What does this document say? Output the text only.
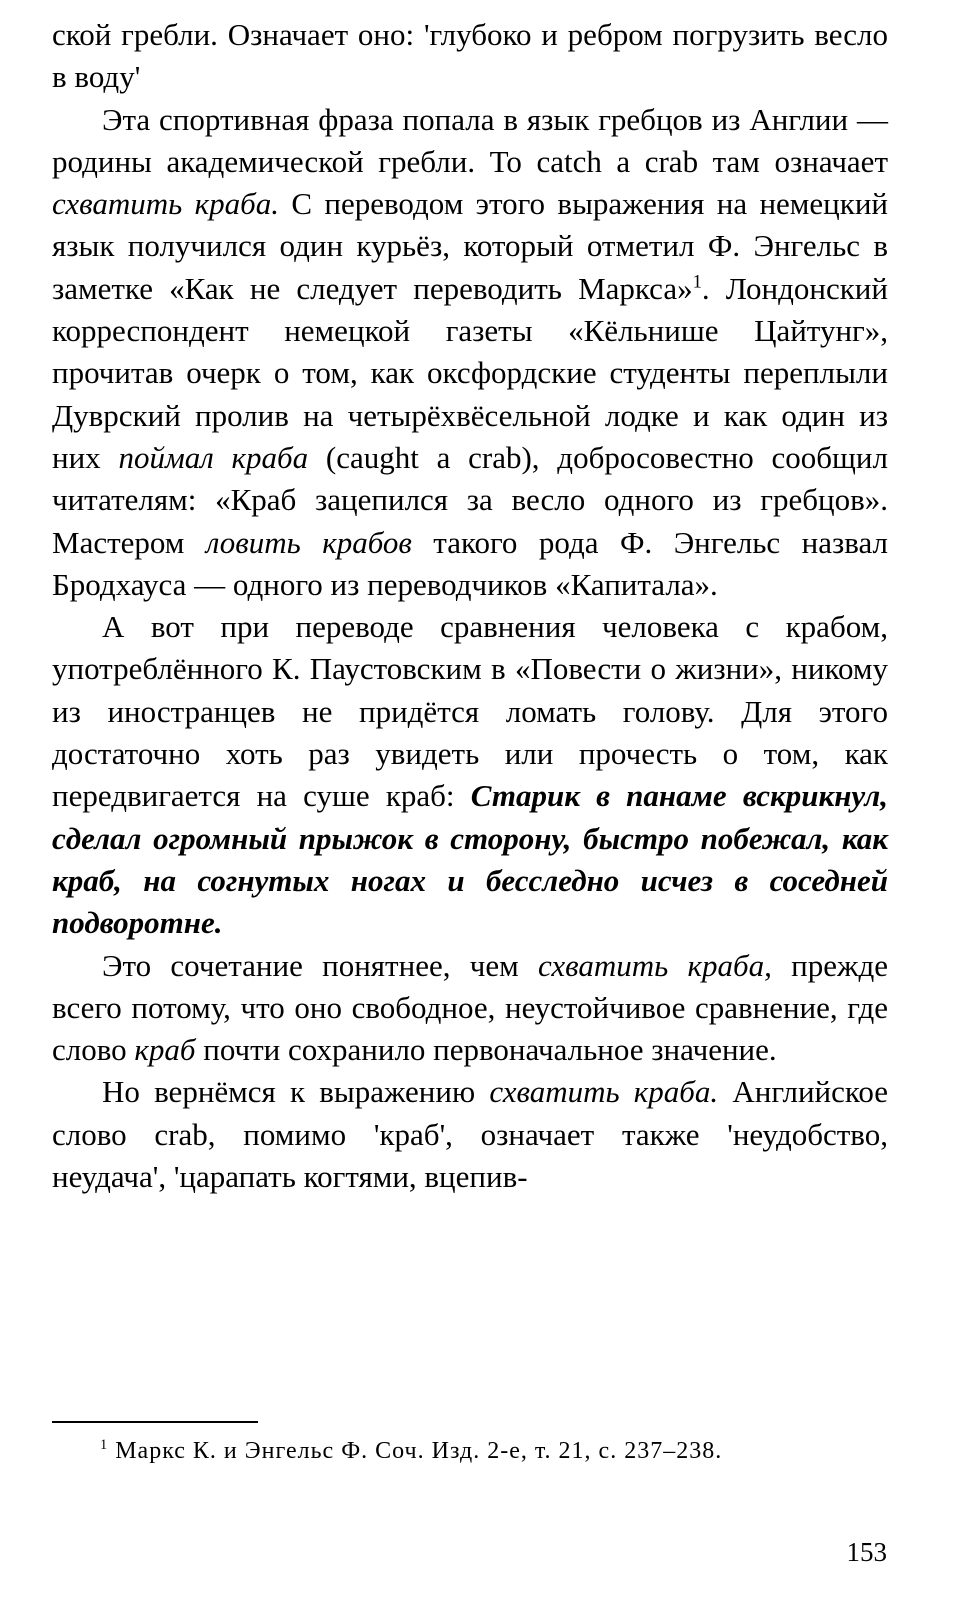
ской гребли. Означает оно: 'глубоко и ребром погрузить весло в воду'

Эта спортивная фраза попала в язык гребцов из Англии — родины академической гребли. To catch a crab там означает схватить краба. С переводом этого выражения на немецкий язык получился один курьёз, который отметил Ф. Энгельс в заметке «Как не следует переводить Маркса»$^1$. Лондонский корреспондент немецкой газеты «Кёльнише Цайтунг», прочитав очерк о том, как оксфордские студенты переплыли Дуврский пролив на четырёхвёсельной лодке и как один из них поймал краба (caught a crab), добросовестно сообщил читателям: «Краб зацепился за весло одного из гребцов». Мастером ловить крабов такого рода Ф. Энгельс назвал Бродхауса — одного из переводчиков «Капитала».

А вот при переводе сравнения человека с крабом, употреблённого К. Паустовским в «Повести о жизни», никому из иностранцев не придётся ломать голову. Для этого достаточно хоть раз увидеть или прочесть о том, как передвигается на суше краб: Старик в панаме вскрикнул, сделал огромный прыжок в сторону, быстро побежал, как краб, на согнутых ногах и бесследно исчез в соседней подворотне.

Это сочетание понятнее, чем схватить краба, прежде всего потому, что оно свободное, неустойчивое сравнение, где слово краб почти сохранило первоначальное значение.

Но вернёмся к выражению схватить краба. Английское слово crab, помимо 'краб', означает также 'неудобство, неудача', 'царапать когтями, вцепив-

$^1$ Маркс К. и Энгельс Ф. Соч. Изд. 2-е, т. 21, с. 237–238.
153
